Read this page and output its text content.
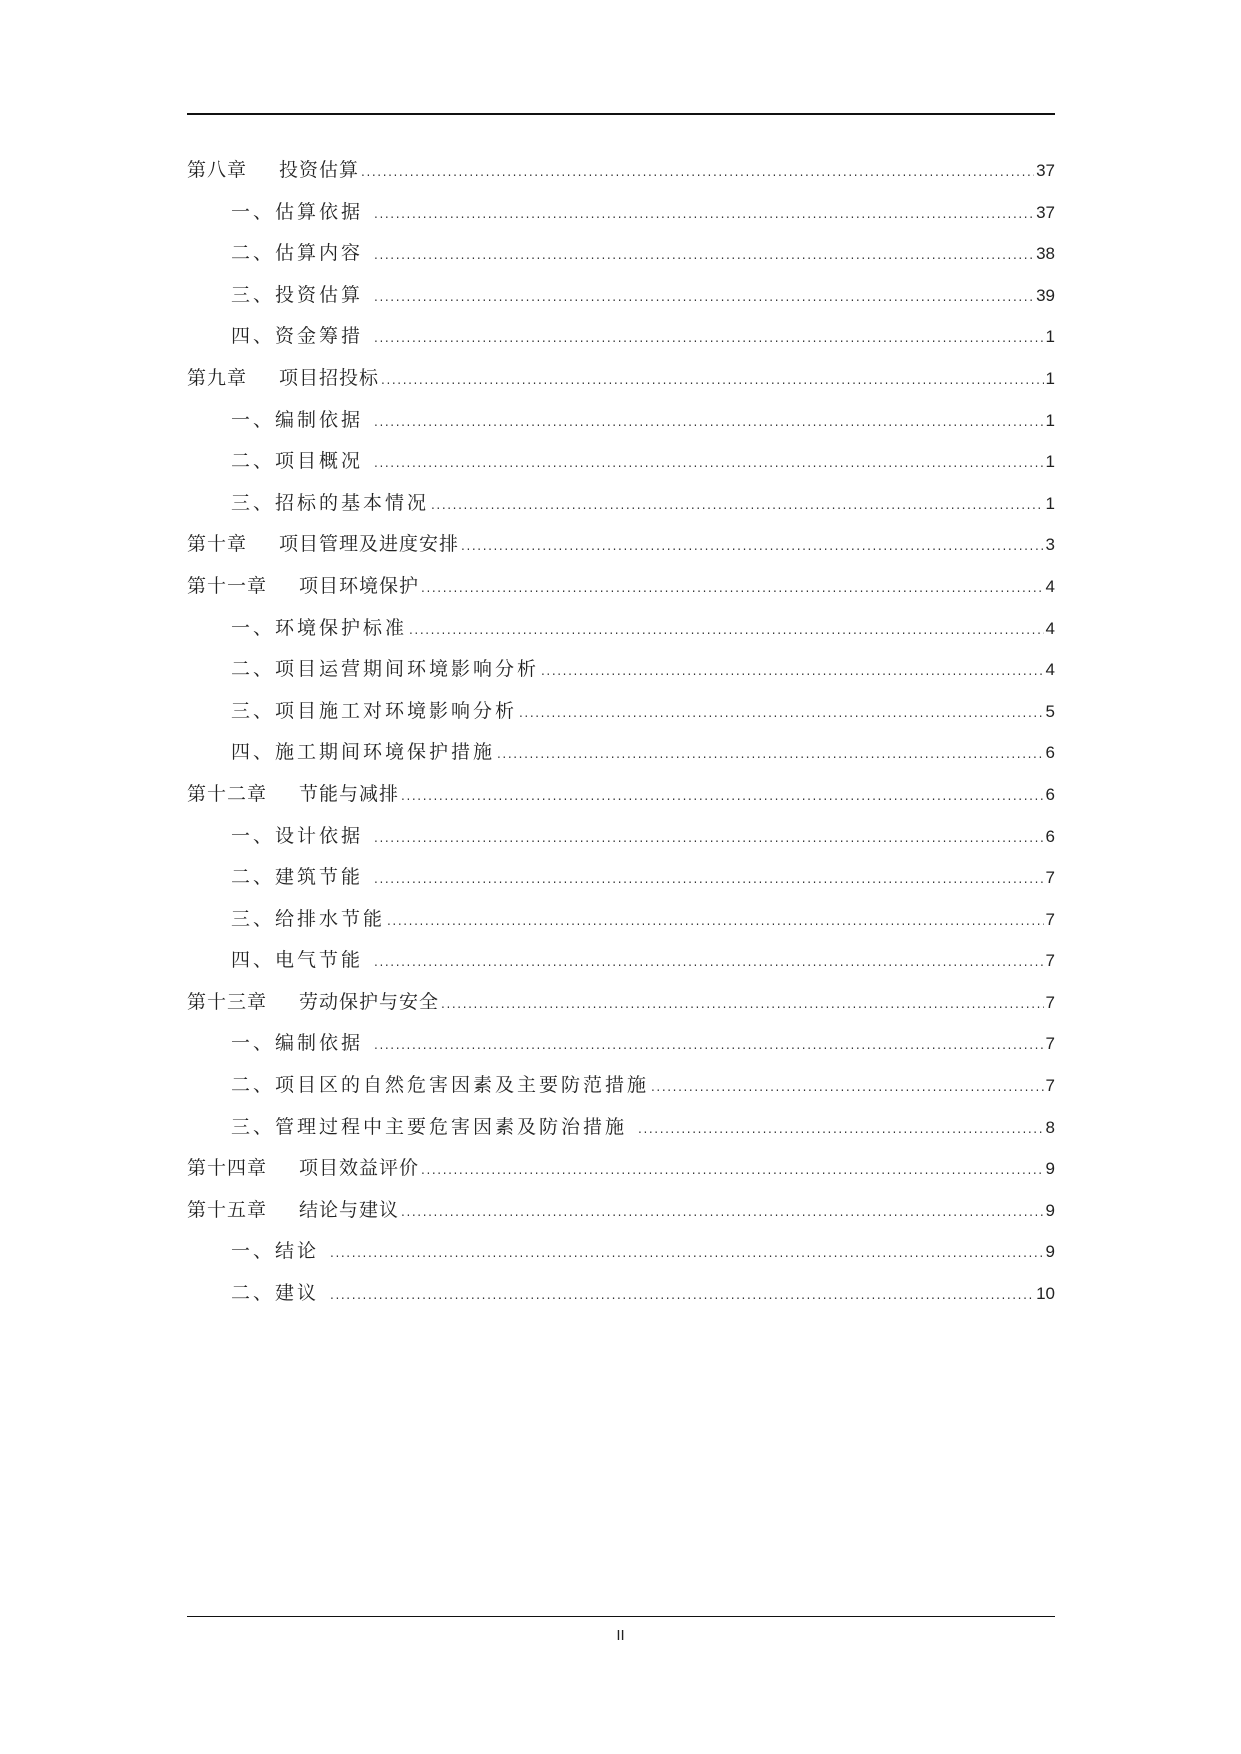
第八章 投资估算 .....	37
一、估算依据 .....	37
二、估算内容 .....	38
三、投资估算 .....	39
四、资金筹措 .....	1
第九章 项目招投标 .....	1
一、编制依据 .....	1
二、项目概况 .....	1
三、招标的基本情况 .....	1
第十章 项目管理及进度安排 .....	3
第十一章 项目环境保护 .....	4
一、环境保护标准 .....	4
二、项目运营期间环境影响分析 .....	4
三、项目施工对环境影响分析 .....	5
四、施工期间环境保护措施 .....	6
第十二章 节能与减排 .....	6
一、设计依据 .....	6
二、建筑节能 .....	7
三、给排水节能 .....	7
四、电气节能 .....	7
第十三章 劳动保护与安全 .....	7
一、编制依据 .....	7
二、项目区的自然危害因素及主要防范措施 .....	7
三、管理过程中主要危害因素及防治措施 .....	8
第十四章 项目效益评价 .....	9
第十五章 结论与建议 .....	9
一、结论 .....	9
二、建议 .....	10
II
